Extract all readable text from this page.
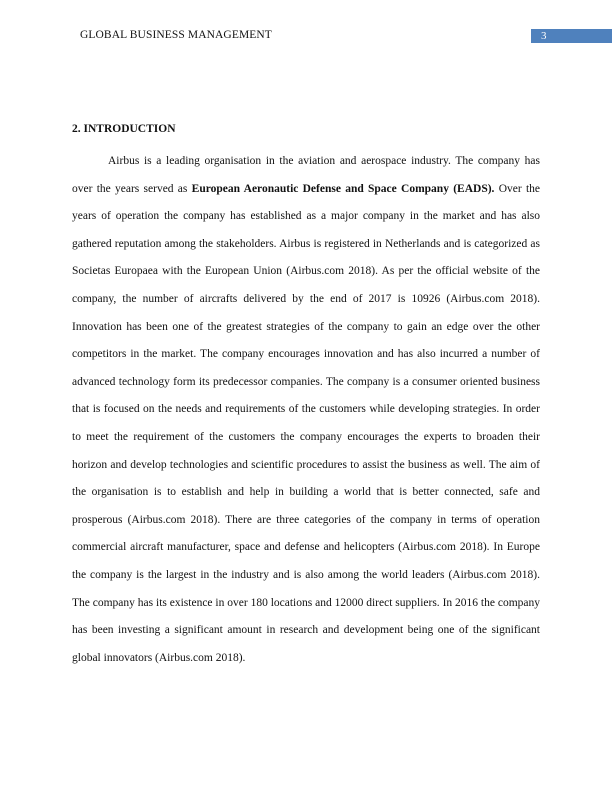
GLOBAL BUSINESS MANAGEMENT	3
2. INTRODUCTION

Airbus is a leading organisation in the aviation and aerospace industry. The company has over the years served as European Aeronautic Defense and Space Company (EADS). Over the years of operation the company has established as a major company in the market and has also gathered reputation among the stakeholders. Airbus is registered in Netherlands and is categorized as Societas Europaea with the European Union (Airbus.com 2018). As per the official website of the company, the number of aircrafts delivered by the end of 2017 is 10926 (Airbus.com 2018). Innovation has been one of the greatest strategies of the company to gain an edge over the other competitors in the market. The company encourages innovation and has also incurred a number of advanced technology form its predecessor companies. The company is a consumer oriented business that is focused on the needs and requirements of the customers while developing strategies. In order to meet the requirement of the customers the company encourages the experts to broaden their horizon and develop technologies and scientific procedures to assist the business as well. The aim of the organisation is to establish and help in building a world that is better connected, safe and prosperous (Airbus.com 2018). There are three categories of the company in terms of operation commercial aircraft manufacturer, space and defense and helicopters (Airbus.com 2018). In Europe the company is the largest in the industry and is also among the world leaders (Airbus.com 2018). The company has its existence in over 180 locations and 12000 direct suppliers. In 2016 the company has been investing a significant amount in research and development being one of the significant global innovators (Airbus.com 2018).
